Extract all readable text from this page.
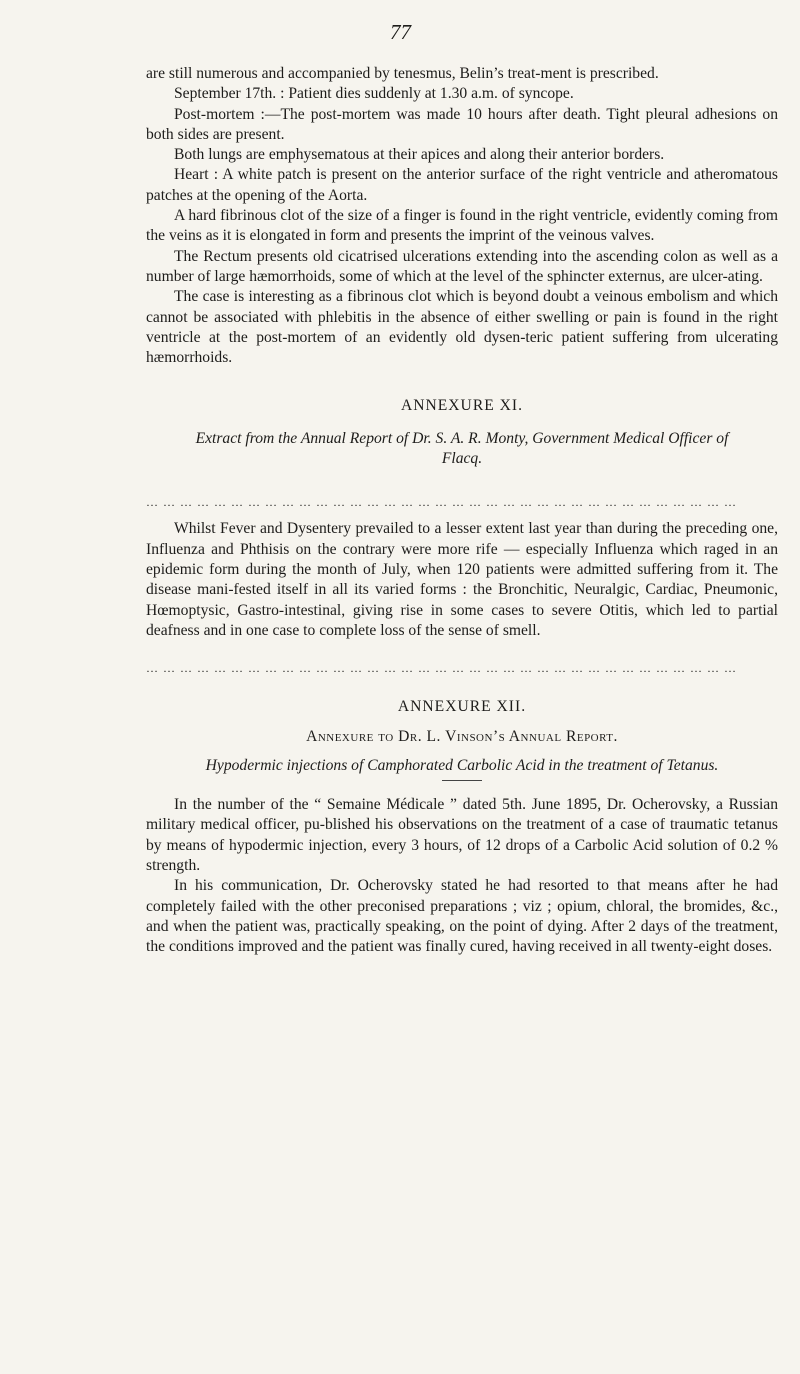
77

are still numerous and accompanied by tenesmus, Belin’s treat-ment is prescribed.

September 17th. : Patient dies suddenly at 1.30 a.m. of syncope.

Post-mortem :—The post-mortem was made 10 hours after death. Tight pleural adhesions on both sides are present.

Both lungs are emphysematous at their apices and along their anterior borders.

Heart : A white patch is present on the anterior surface of the right ventricle and atheromatous patches at the opening of the Aorta.

A hard fibrinous clot of the size of a finger is found in the right ventricle, evidently coming from the veins as it is elongated in form and presents the imprint of the veinous valves.

The Rectum presents old cicatrised ulcerations extending into the ascending colon as well as a number of large hæmorrhoids, some of which at the level of the sphincter externus, are ulcer-ating.

The case is interesting as a fibrinous clot which is beyond doubt a veinous embolism and which cannot be associated with phlebitis in the absence of either swelling or pain is found in the right ventricle at the post-mortem of an evidently old dysen-teric patient suffering from ulcerating hæmorrhoids.

ANNEXURE XI.

Extract from the Annual Report of Dr. S. A. R. Monty, Government Medical Officer of Flacq.

… … … … … … … … … … … … … … … … … … … … … … … … … … … … … … … … … … …

Whilst Fever and Dysentery prevailed to a lesser extent last year than during the preceding one, Influenza and Phthisis on the contrary were more rife — especially Influenza which raged in an epidemic form during the month of July, when 120 patients were admitted suffering from it. The disease mani-fested itself in all its varied forms : the Bronchitic, Neuralgic, Cardiac, Pneumonic, Hœmoptysic, Gastro-intestinal, giving rise in some cases to severe Otitis, which led to partial deafness and in one case to complete loss of the sense of smell.

… … … … … … … … … … … … … … … … … … … … … … … … … … … … … … … … … … …

ANNEXURE XII.

Annexure to Dr. L. Vinson’s Annual Report.

Hypodermic injections of Camphorated Carbolic Acid in the treatment of Tetanus.

In the number of the “ Semaine Médicale ” dated 5th. June 1895, Dr. Ocherovsky, a Russian military medical officer, pu-blished his observations on the treatment of a case of traumatic tetanus by means of hypodermic injection, every 3 hours, of 12 drops of a Carbolic Acid solution of 0.2 % strength.

In his communication, Dr. Ocherovsky stated he had resorted to that means after he had completely failed with the other preconised preparations ; viz ; opium, chloral, the bromides, &c., and when the patient was, practically speaking, on the point of dying. After 2 days of the treatment, the conditions improved and the patient was finally cured, having received in all twenty-eight doses.
